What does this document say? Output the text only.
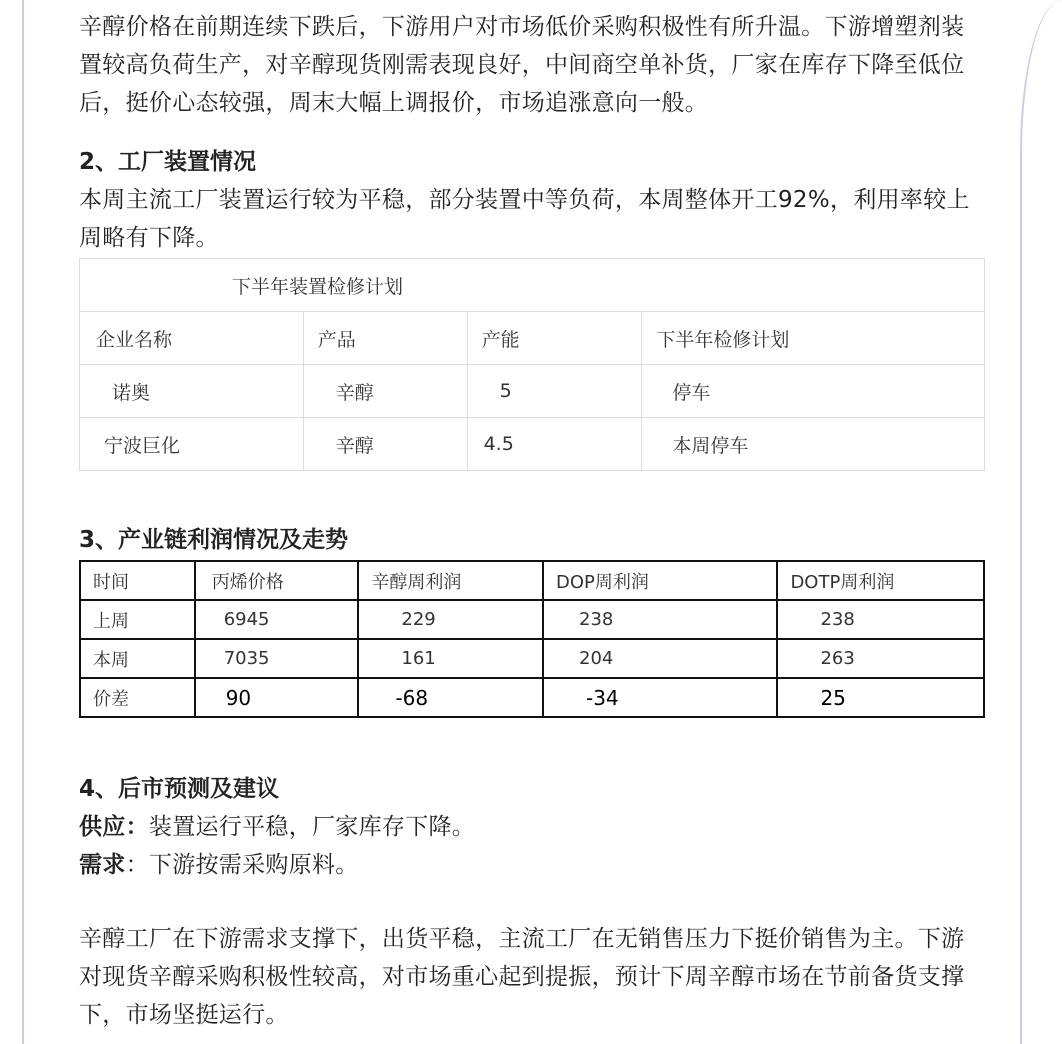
辛醇价格在前期连续下跌后，下游用户对市场低价采购积极性有所升温。下游增塑剂装置较高负荷生产，对辛醇现货刚需表现良好，中间商空单补货，厂家在库存下降至低位后，挺价心态较强，周末大幅上调报价，市场追涨意向一般。

2、工厂装置情况

本周主流工厂装置运行较为平稳，部分装置中等负荷，本周整体开工92%，利用率较上周略有下降。

下半年装置检修计划			
企业名称	产品	产能	下半年检修计划
诺奥	辛醇	5	停车
宁波巨化	辛醇	4.5	本周停车
3、产业链利润情况及走势
时间	丙烯价格	辛醇周利润	DOP周利润	DOTP周利润
上周	6945	229	238	238
本周	7035	161	204	263
价差	90	-68	-34	25
4、后市预测及建议

供应：装置运行平稳，厂家库存下降。

需求：下游按需采购原料。

辛醇工厂在下游需求支撑下，出货平稳，主流工厂在无销售压力下挺价销售为主。下游对现货辛醇采购积极性较高，对市场重心起到提振，预计下周辛醇市场在节前备货支撑下，市场坚挺运行。
